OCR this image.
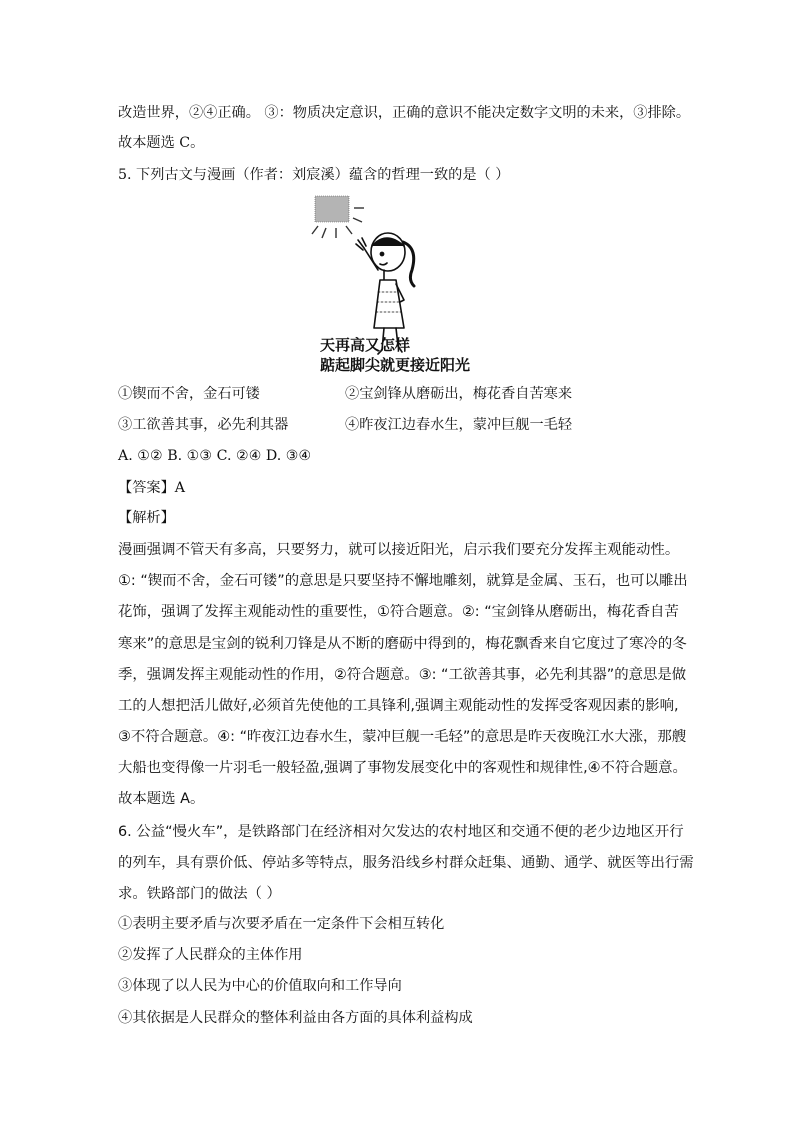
改造世界，②④正确。 ③：物质决定意识，正确的意识不能决定数字文明的未来，③排除。
故本题选 C。
5. 下列古文与漫画（作者：刘宸溪）蕴含的哲理一致的是（ ）
天再高又怎样
踮起脚尖就更接近阳光
①锲而不舍，金石可镂	②宝剑锋从磨砺出，梅花香自苦寒来
③工欲善其事，必先利其器	④昨夜江边春水生，蒙冲巨舰一毛轻
A. ①② B. ①③ C. ②④ D. ③④
【答案】A
【解析】
漫画强调不管天有多高，只要努力，就可以接近阳光，启示我们要充分发挥主观能动性。
①: “锲而不舍，金石可镂”的意思是只要坚持不懈地雕刻，就算是金属、玉石，也可以雕出
花饰，强调了发挥主观能动性的重要性，①符合题意。②: “宝剑锋从磨砺出，梅花香自苦
寒来”的意思是宝剑的锐利刀锋是从不断的磨砺中得到的，梅花飘香来自它度过了寒冷的冬
季，强调发挥主观能动性的作用，②符合题意。③: “工欲善其事，必先利其器”的意思是做
工的人想把活儿做好,必须首先使他的工具锋利,强调主观能动性的发挥受客观因素的影响,
③不符合题意。④: “昨夜江边春水生，蒙冲巨舰一毛轻”的意思是昨天夜晚江水大涨，那艘
大船也变得像一片羽毛一般轻盈,强调了事物发展变化中的客观性和规律性,④不符合题意。
故本题选 A。
6. 公益“慢火车”，是铁路部门在经济相对欠发达的农村地区和交通不便的老少边地区开行
的列车，具有票价低、停站多等特点，服务沿线乡村群众赶集、通勤、通学、就医等出行需
求。铁路部门的做法（ ）
①表明主要矛盾与次要矛盾在一定条件下会相互转化
②发挥了人民群众的主体作用
③体现了以人民为中心的价值取向和工作导向
④其依据是人民群众的整体利益由各方面的具体利益构成
